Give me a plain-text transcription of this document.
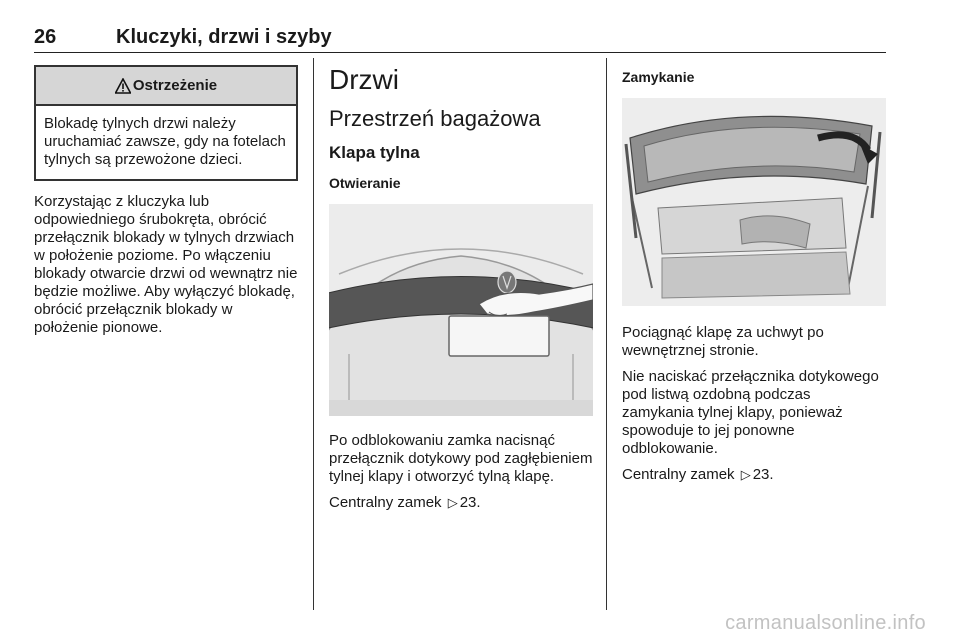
26	Kluczyki, drzwi i szyby
Ostrzeżenie
Blokadę tylnych drzwi należy uruchamiać zawsze, gdy na fotelach tylnych są przewożone dzieci.

Korzystając z kluczyka lub odpowiedniego śrubokręta, obrócić przełącznik blokady w tylnych drzwiach w położenie poziome. Po włączeniu blokady otwarcie drzwi od wewnątrz nie będzie możliwe. Aby wyłączyć blokadę, obrócić przełącznik blokady w położenie pionowe.

Drzwi
Przestrzeń bagażowa
Klapa tylna
Otwieranie

Po odblokowaniu zamka nacisnąć przełącznik dotykowy pod zagłębieniem tylnej klapy i otworzyć tylną klapę.

Centralny zamek ▷ 23.

Zamykanie

Pociągnąć klapę za uchwyt po wewnętrznej stronie.

Nie naciskać przełącznika dotykowego pod listwą ozdobną podczas zamykania tylnej klapy, ponieważ spowoduje to jej ponowne odblokowanie.

Centralny zamek ▷ 23.

carmanualsonline.info
